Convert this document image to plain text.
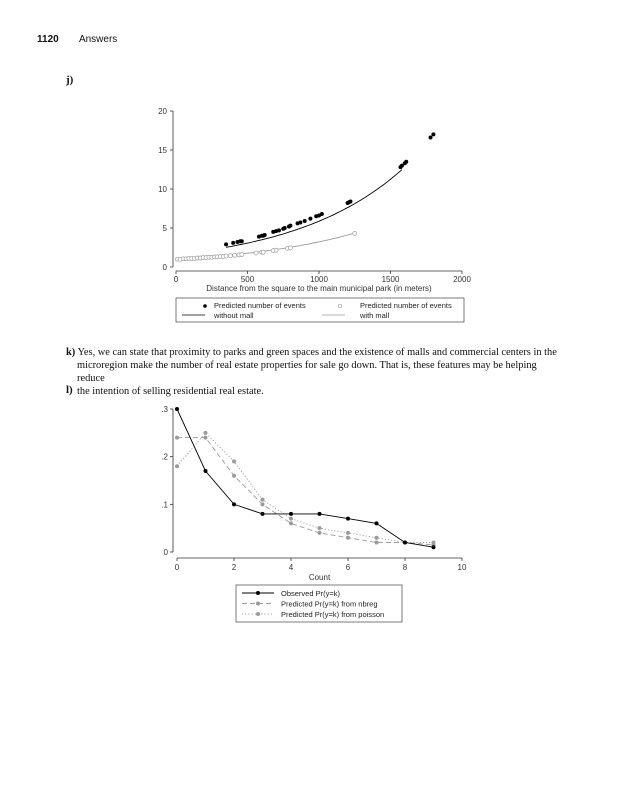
1120 Answers
j)
0
5
10
15
20
0	500	1000	1500	2000
Distance from the square to the main municipal park (in meters)
Predicted number of events
without mall
Predicted number of events
with mall
k) Yes, we can state that proximity to parks and green spaces and the existence of malls and commercial centers in the
microregion make the number of real estate properties for sale go down. That is, these features may be helping reduce
the intention of selling residential real estate.
l)
0
.1
.2
.3
0	2	4	6	8	10
Count
Observed Pr(y=k)
Predicted Pr(y=k) from nbreg
Predicted Pr(y=k) from poisson
